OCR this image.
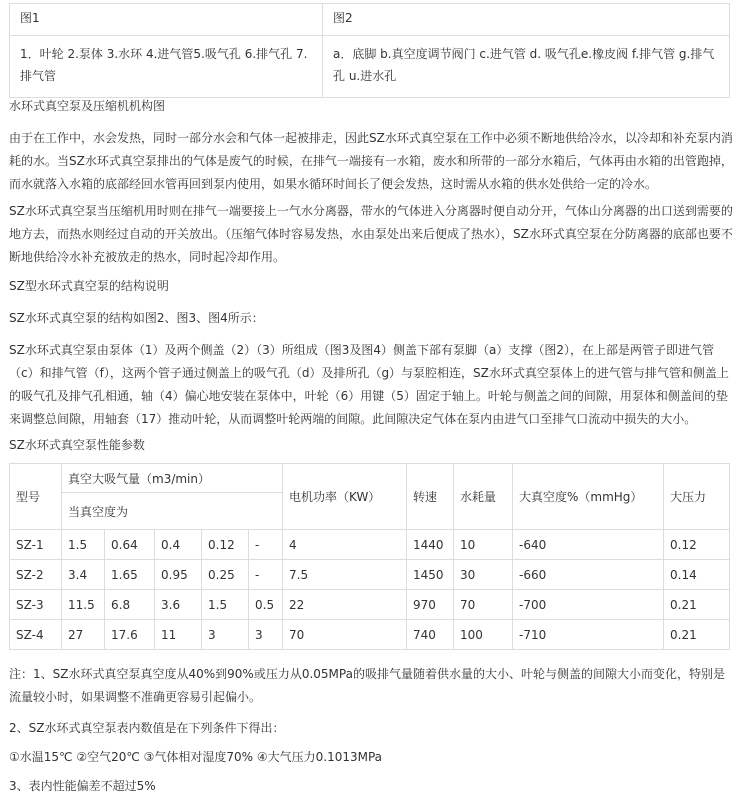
图1	图2
1．叶轮 2.泵体 3.水环 4.进气管5.吸气孔 6.排气孔 7.排气管	a．底脚 b.真空度调节阀门 c.进气管 d. 吸气孔e.橡皮阀 f.排气管 g.排气孔 u.进水孔

水环式真空泵及压缩机机构图

由于在工作中，水会发热，同时一部分水会和气体一起被排走，因此SZ水环式真空泵在工作中必须不断地供给冷水，以冷却和补充泵内消耗的水。当SZ水环式真空泵排出的气体是废气的时候，在排气一端接有一水箱，废水和所带的一部分水箱后，气体再由水箱的出管跑掉，而水就落入水箱的底部经回水管再回到泵内使用，如果水循环时间长了便会发热，这时需从水箱的供水处供给一定的冷水。

SZ水环式真空泵当压缩机用时则在排气一端要接上一气水分离器，带水的气体进入分离器时便自动分开，气体山分离器的出口送到需要的地方去，而热水则经过自动的开关放出。（压缩气体时容易发热，水由泵处出来后便成了热水），SZ水环式真空泵在分防离器的底部也要不断地供给冷水补充被放走的热水，同时起冷却作用。

SZ型水环式真空泵的结构说明

SZ水环式真空泵的结构如图2、图3、图4所示：

SZ水环式真空泵由泵体（1）及两个侧盖（2）（3）所组成（图3及图4）侧盖下部有泵脚（a）支撑（图2），在上部是两管子即进气管（c）和排气管（f），这两个管子通过侧盖上的吸气孔（d）及排所孔（g）与泵腔相连，SZ水环式真空泵体上的进气管与排气管和侧盖上的吸气孔及排气孔相通，轴（4）偏心地安装在泵体中，叶轮（6）用键（5）固定于轴上。叶轮与侧盖之间的间隙，用泵体和侧盖间的垫来调整总间隙，用轴套（17）推动叶轮，从而调整叶轮两端的间隙。此间隙决定气体在泵内由进气口至排气口流动中损失的大小。

SZ水环式真空泵性能参数

型号	真空大吸气量（m3/min）					电机功率（KW）	转速	水耗量	大真空度%（mmHg）	大压力
	当真空度为									
SZ-1	1.5	0.64	0.4	0.12	-	4	1440	10	-640	0.12
SZ-2	3.4	1.65	0.95	0.25	-	7.5	1450	30	-660	0.14
SZ-3	11.5	6.8	3.6	1.5	0.5	22	970	70	-700	0.21
SZ-4	27	17.6	11	3	3	70	740	100	-710	0.21

注：1、SZ水环式真空泵真空度从40%到90%或压力从0.05MPa的吸排气量随着供水量的大小、叶轮与侧盖的间隙大小而变化，特别是流量较小时，如果调整不准确更容易引起偏小。

2、SZ水环式真空泵表内数值是在下列条件下得出：

①水温15℃ ②空气20℃ ③气体相对湿度70% ④大气压力0.1013MPa

3、表内性能偏差不超过5%
